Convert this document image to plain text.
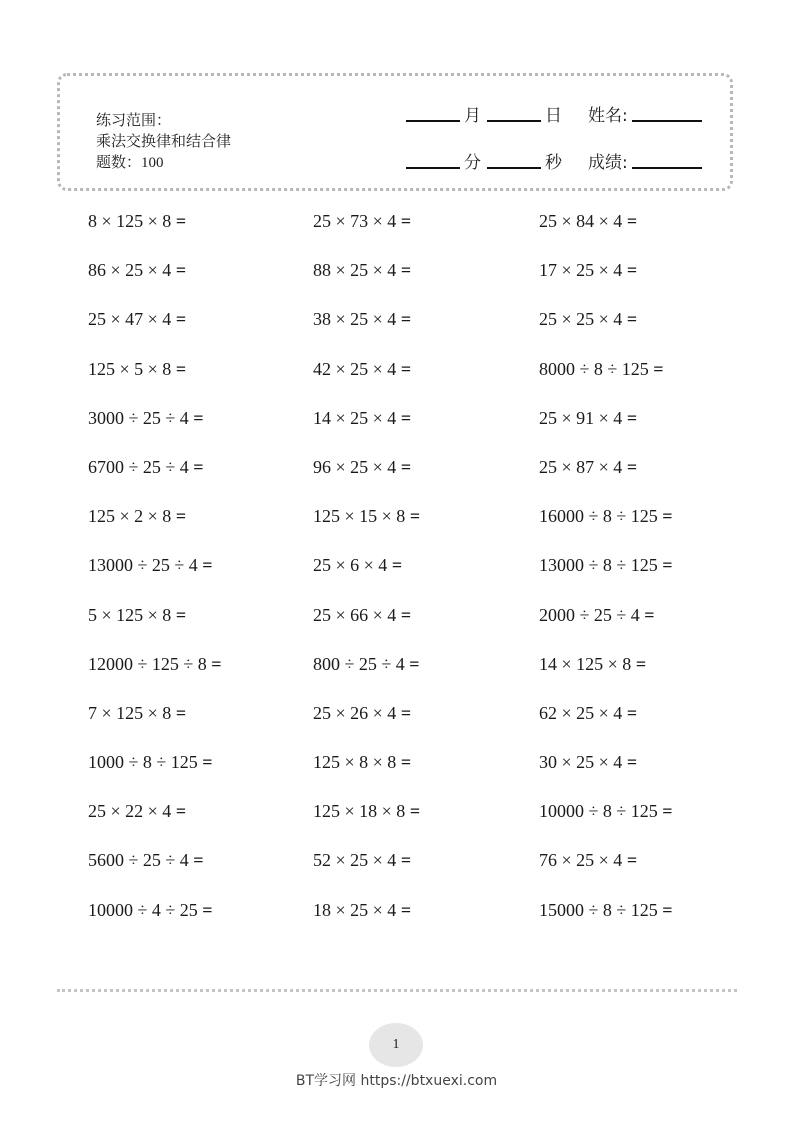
练习范围：
乘法交换律和结合律
题数：100
月	日 姓名:
分	秒 成绩:
8 × 125 × 8 =	25 × 73 × 4 =	25 × 84 × 4 =
86 × 25 × 4 =	88 × 25 × 4 =	17 × 25 × 4 =
25 × 47 × 4 =	38 × 25 × 4 =	25 × 25 × 4 =
125 × 5 × 8 =	42 × 25 × 4 =	8000 ÷ 8 ÷ 125 =
3000 ÷ 25 ÷ 4 =	14 × 25 × 4 =	25 × 91 × 4 =
6700 ÷ 25 ÷ 4 =	96 × 25 × 4 =	25 × 87 × 4 =
125 × 2 × 8 =	125 × 15 × 8 =	16000 ÷ 8 ÷ 125 =
13000 ÷ 25 ÷ 4 =	25 × 6 × 4 =	13000 ÷ 8 ÷ 125 =
5 × 125 × 8 =	25 × 66 × 4 =	2000 ÷ 25 ÷ 4 =
12000 ÷ 125 ÷ 8 =	800 ÷ 25 ÷ 4 =	14 × 125 × 8 =
7 × 125 × 8 =	25 × 26 × 4 =	62 × 25 × 4 =
1000 ÷ 8 ÷ 125 =	125 × 8 × 8 =	30 × 25 × 4 =
25 × 22 × 4 =	125 × 18 × 8 =	10000 ÷ 8 ÷ 125 =
5600 ÷ 25 ÷ 4 =	52 × 25 × 4 =	76 × 25 × 4 =
10000 ÷ 4 ÷ 25 =	18 × 25 × 4 =	15000 ÷ 8 ÷ 125 =
1
BT学习网 https://btxuexi.com
